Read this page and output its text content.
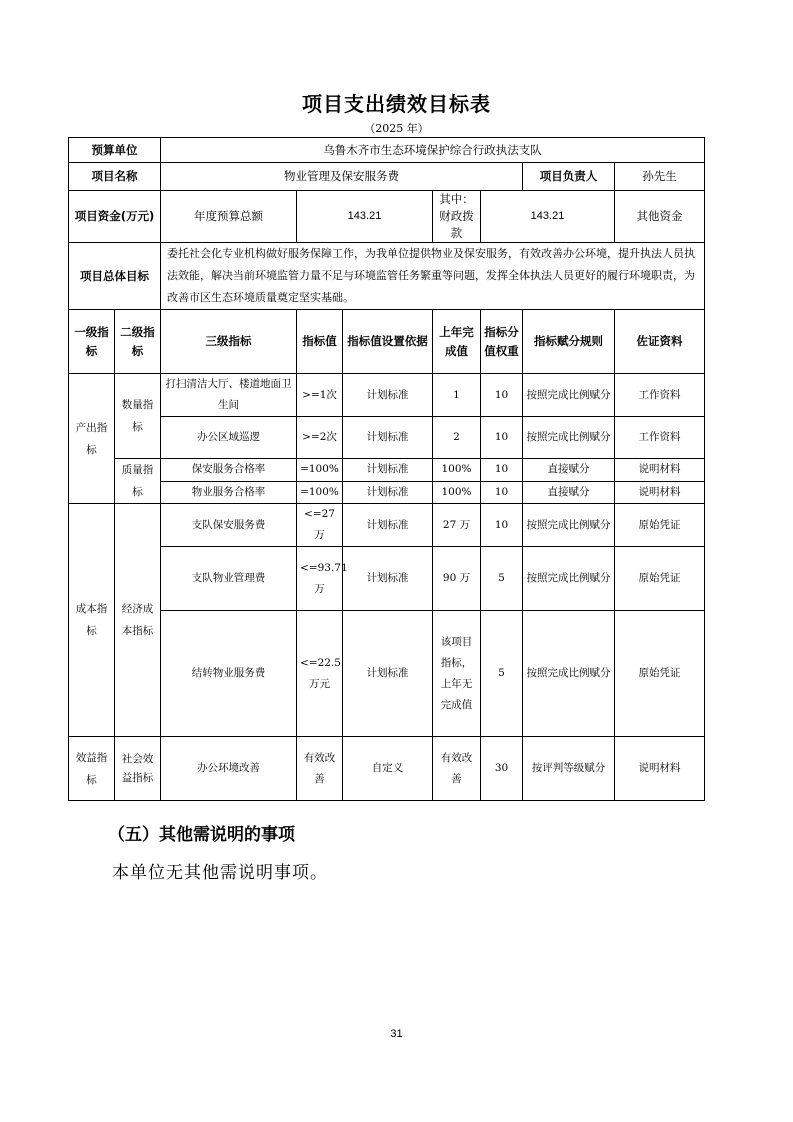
项目支出绩效目标表
（2025 年）
预算单位		乌鲁木齐市生态环境保护综合行政执法支队							
项目名称		物业管理及保安服务费					项目负责人	孙先生	
项目资金(万元)		年度预算总额	143.21		其中：财政拨款	143.21		其他资金	

项目总体目标		委托社会化专业机构做好服务保障工作，为我单位提供物业及保安服务，有效改善办公环境，提升执法人员执法效能，解决当前环境监管力量不足与环境监管任务繁重等问题，发挥全体执法人员更好的履行环境职责，为改善市区生态环境质量奠定坚实基础。							
一级指标	二级指标	三级指标	指标值	指标值设置依据	上年完成值	指标分值权重	指标赋分规则	佐证资料	
产出指标	数量指标	打扫清洁大厅、楼道地面卫生间	>=1次	计划标准	1	10	按照完成比例赋分	工作资料	
		办公区域巡逻	>=2次	计划标准	2	10	按照完成比例赋分	工作资料	
	质量指标	保安服务合格率	=100%	计划标准	100%	10	直接赋分	说明材料	
		物业服务合格率	=100%	计划标准	100%	10	直接赋分	说明材料	
成本指标	经济成本指标	支队保安服务费	<=27万	计划标准	27 万	10	按照完成比例赋分	原始凭证	
		支队物业管理费	<=93.71万	计划标准	90 万	5	按照完成比例赋分	原始凭证	
		结转物业服务费	<=22.5万元	计划标准	该项目指标，上年无完成值	5	按照完成比例赋分	原始凭证	
效益指标	社会效益指标	办公环境改善	有效改善	自定义	有效改善	30	按评判等级赋分	说明材料	
（五）其他需说明的事项
本单位无其他需说明事项。
31
